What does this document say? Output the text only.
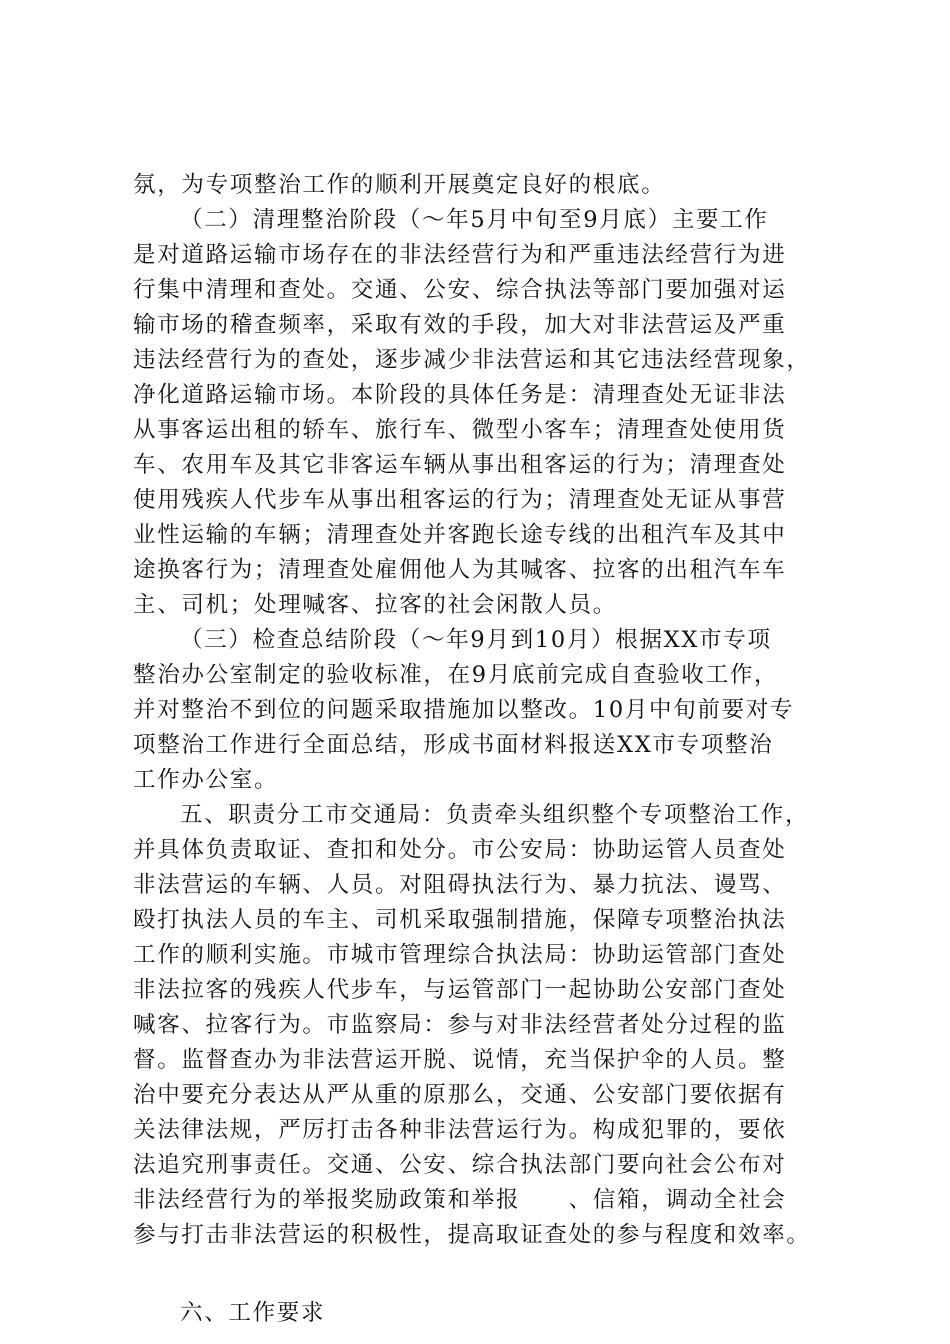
氛，为专项整治工作的顺利开展奠定良好的根底。
（二）清理整治阶段（～年5月中旬至9月底）主要工作
是对道路运输市场存在的非法经营行为和严重违法经营行为进
行集中清理和查处。交通、公安、综合执法等部门要加强对运
输市场的稽查频率，采取有效的手段，加大对非法营运及严重
违法经营行为的查处，逐步减少非法营运和其它违法经营现象，
净化道路运输市场。本阶段的具体任务是：清理查处无证非法
从事客运出租的轿车、旅行车、微型小客车；清理查处使用货
车、农用车及其它非客运车辆从事出租客运的行为；清理查处
使用残疾人代步车从事出租客运的行为；清理查处无证从事营
业性运输的车辆；清理查处并客跑长途专线的出租汽车及其中
途换客行为；清理查处雇佣他人为其喊客、拉客的出租汽车车
主、司机；处理喊客、拉客的社会闲散人员。
（三）检查总结阶段（～年9月到10月）根据XX市专项
整治办公室制定的验收标准，在9月底前完成自查验收工作，
并对整治不到位的问题采取措施加以整改。10月中旬前要对专
项整治工作进行全面总结，形成书面材料报送XX市专项整治
工作办公室。
五、职责分工市交通局：负责牵头组织整个专项整治工作，
并具体负责取证、查扣和处分。市公安局：协助运管人员查处
非法营运的车辆、人员。对阻碍执法行为、暴力抗法、谩骂、
殴打执法人员的车主、司机采取强制措施，保障专项整治执法
工作的顺利实施。市城市管理综合执法局：协助运管部门查处
非法拉客的残疾人代步车，与运管部门一起协助公安部门查处
喊客、拉客行为。市监察局：参与对非法经营者处分过程的监
督。监督查办为非法营运开脱、说情，充当保护伞的人员。整
治中要充分表达从严从重的原那么，交通、公安部门要依据有
关法律法规，严厉打击各种非法营运行为。构成犯罪的，要依
法追究刑事责任。交通、公安、综合执法部门要向社会公布对
非法经营行为的举报奖励政策和举报　　、信箱，调动全社会
参与打击非法营运的积极性，提高取证查处的参与程度和效率。
六、工作要求
